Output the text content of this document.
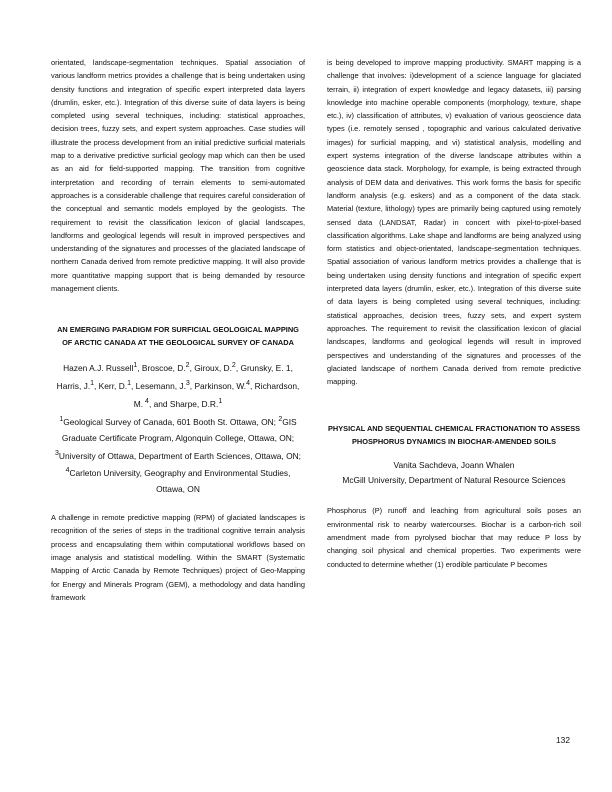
orientated, landscape-segmentation techniques. Spatial association of various landform metrics provides a challenge that is being undertaken using density functions and integration of specific expert interpreted data layers (drumlin, esker, etc.). Integration of this diverse suite of data layers is being completed using several techniques, including: statistical approaches, decision trees, fuzzy sets, and expert system approaches. Case studies will illustrate the process development from an initial predictive surficial materials map to a derivative predictive surficial geology map which can then be used as an aid for field-supported mapping. The transition from cognitive interpretation and recording of terrain elements to semi-automated approaches is a considerable challenge that requires careful consideration of the conceptual and semantic models employed by the geologists. The requirement to revisit the classification lexicon of glacial landscapes, landforms and geological legends will result in improved perspectives and understanding of the signatures and processes of the glaciated landscape of northern Canada derived from remote predictive mapping. It will also provide more quantitative mapping support that is being demanded by resource management clients.

AN EMERGING PARADIGM FOR SURFICIAL GEOLOGICAL MAPPING OF ARCTIC CANADA AT THE GEOLOGICAL SURVEY OF CANADA

Hazen A.J. Russell$^1$, Broscoe, D.$^2$, Giroux, D.$^2$, Grunsky, E. 1, Harris, J.$^1$, Kerr, D.$^1$, Lesemann, J.$^3$, Parkinson, W.$^4$, Richardson, M. $^4$, and Sharpe, D.R.$^1$

$^1$Geological Survey of Canada, 601 Booth St. Ottawa, ON; $^2$GIS Graduate Certificate Program, Algonquin College, Ottawa, ON; $^3$University of Ottawa, Department of Earth Sciences, Ottawa, ON; $^4$Carleton University, Geography and Environmental Studies, Ottawa, ON

A challenge in remote predictive mapping (RPM) of glaciated landscapes is recognition of the series of steps in the traditional cognitive terrain analysis process and encapsulating them within computational workflows based on image analysis and statistical modelling. Within the SMART (Systematic Mapping of Arctic Canada by Remote Techniques) project of Geo-Mapping for Energy and Minerals Program (GEM), a methodology and data handling framework

is being developed to improve mapping productivity. SMART mapping is a challenge that involves: i)development of a science language for glaciated terrain, ii) integration of expert knowledge and legacy datasets, iii) parsing knowledge into machine operable components (morphology, texture, shape etc.), iv) classification of attributes, v) evaluation of various geoscience data types (i.e. remotely sensed , topographic and various calculated derivative images) for surficial mapping, and vi) statistical analysis, modelling and expert systems integration of the diverse landscape attributes within a geoscience data stack. Morphology, for example, is being extracted through analysis of DEM data and derivatives. This work forms the basis for specific landform analysis (e.g. eskers) and as a component of the data stack. Material (texture, lithology) types are primarily being captured using remotely sensed data (LANDSAT, Radar) in concert with pixel-to-pixel-based classification algorithms. Lake shape and landforms are being analyzed using form statistics and object-orientated, landscape-segmentation techniques. Spatial association of various landform metrics provides a challenge that is being undertaken using density functions and integration of specific expert interpreted data layers (drumlin, esker, etc.). Integration of this diverse suite of data layers is being completed using several techniques, including: statistical approaches, decision trees, fuzzy sets, and expert system approaches. The requirement to revisit the classification lexicon of glacial landscapes, landforms and geological legends will result in improved perspectives and understanding of the signatures and processes of the glaciated landscape of northern Canada derived from remote predictive mapping.

PHYSICAL AND SEQUENTIAL CHEMICAL FRACTIONATION TO ASSESS PHOSPHORUS DYNAMICS IN BIOCHAR-AMENDED SOILS

Vanita Sachdeva, Joann Whalen

McGill University, Department of Natural Resource Sciences

Phosphorus (P) runoff and leaching from agricultural soils poses an environmental risk to nearby watercourses. Biochar is a carbon-rich soil amendment made from pyrolysed biochar that may reduce P loss by changing soil physical and chemical properties. Two experiments were conducted to determine whether (1) erodible particulate P becomes

132
